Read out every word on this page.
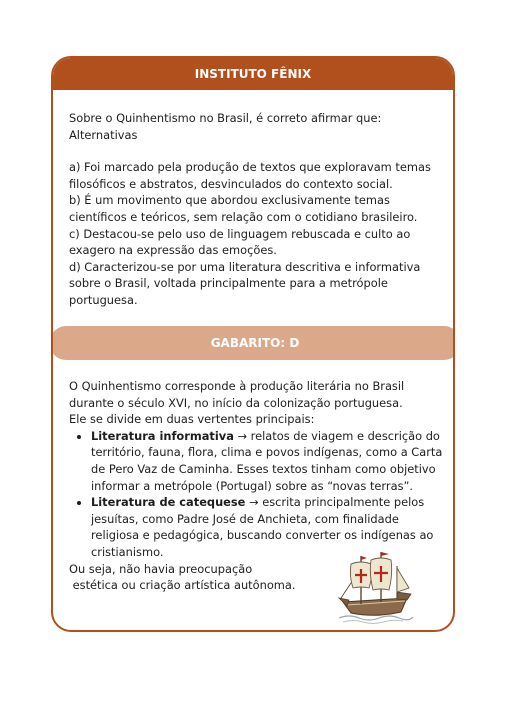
INSTITUTO FÊNIX

Sobre o Quinhentismo no Brasil, é correto afirmar que:

Alternativas

a) Foi marcado pela produção de textos que exploravam temas filosóficos e abstratos, desvinculados do contexto social.

b) É um movimento que abordou exclusivamente temas científicos e teóricos, sem relação com o cotidiano brasileiro.

c) Destacou-se pelo uso de linguagem rebuscada e culto ao exagero na expressão das emoções.

d) Caracterizou-se por uma literatura descritiva e informativa sobre o Brasil, voltada principalmente para a metrópole portuguesa.

GABARITO: D

O Quinhentismo corresponde à produção literária no Brasil durante o século XVI, no início da colonização portuguesa.

Ele se divide em duas vertentes principais:

• Literatura informativa → relatos de viagem e descrição do território, fauna, flora, clima e povos indígenas, como a Carta de Pero Vaz de Caminha. Esses textos tinham como objetivo informar a metrópole (Portugal) sobre as “novas terras”.
• Literatura de catequese → escrita principalmente pelos jesuítas, como Padre José de Anchieta, com finalidade religiosa e pedagógica, buscando converter os indígenas ao cristianismo.

Ou seja, não havia preocupação

estética ou criação artística autônoma.
